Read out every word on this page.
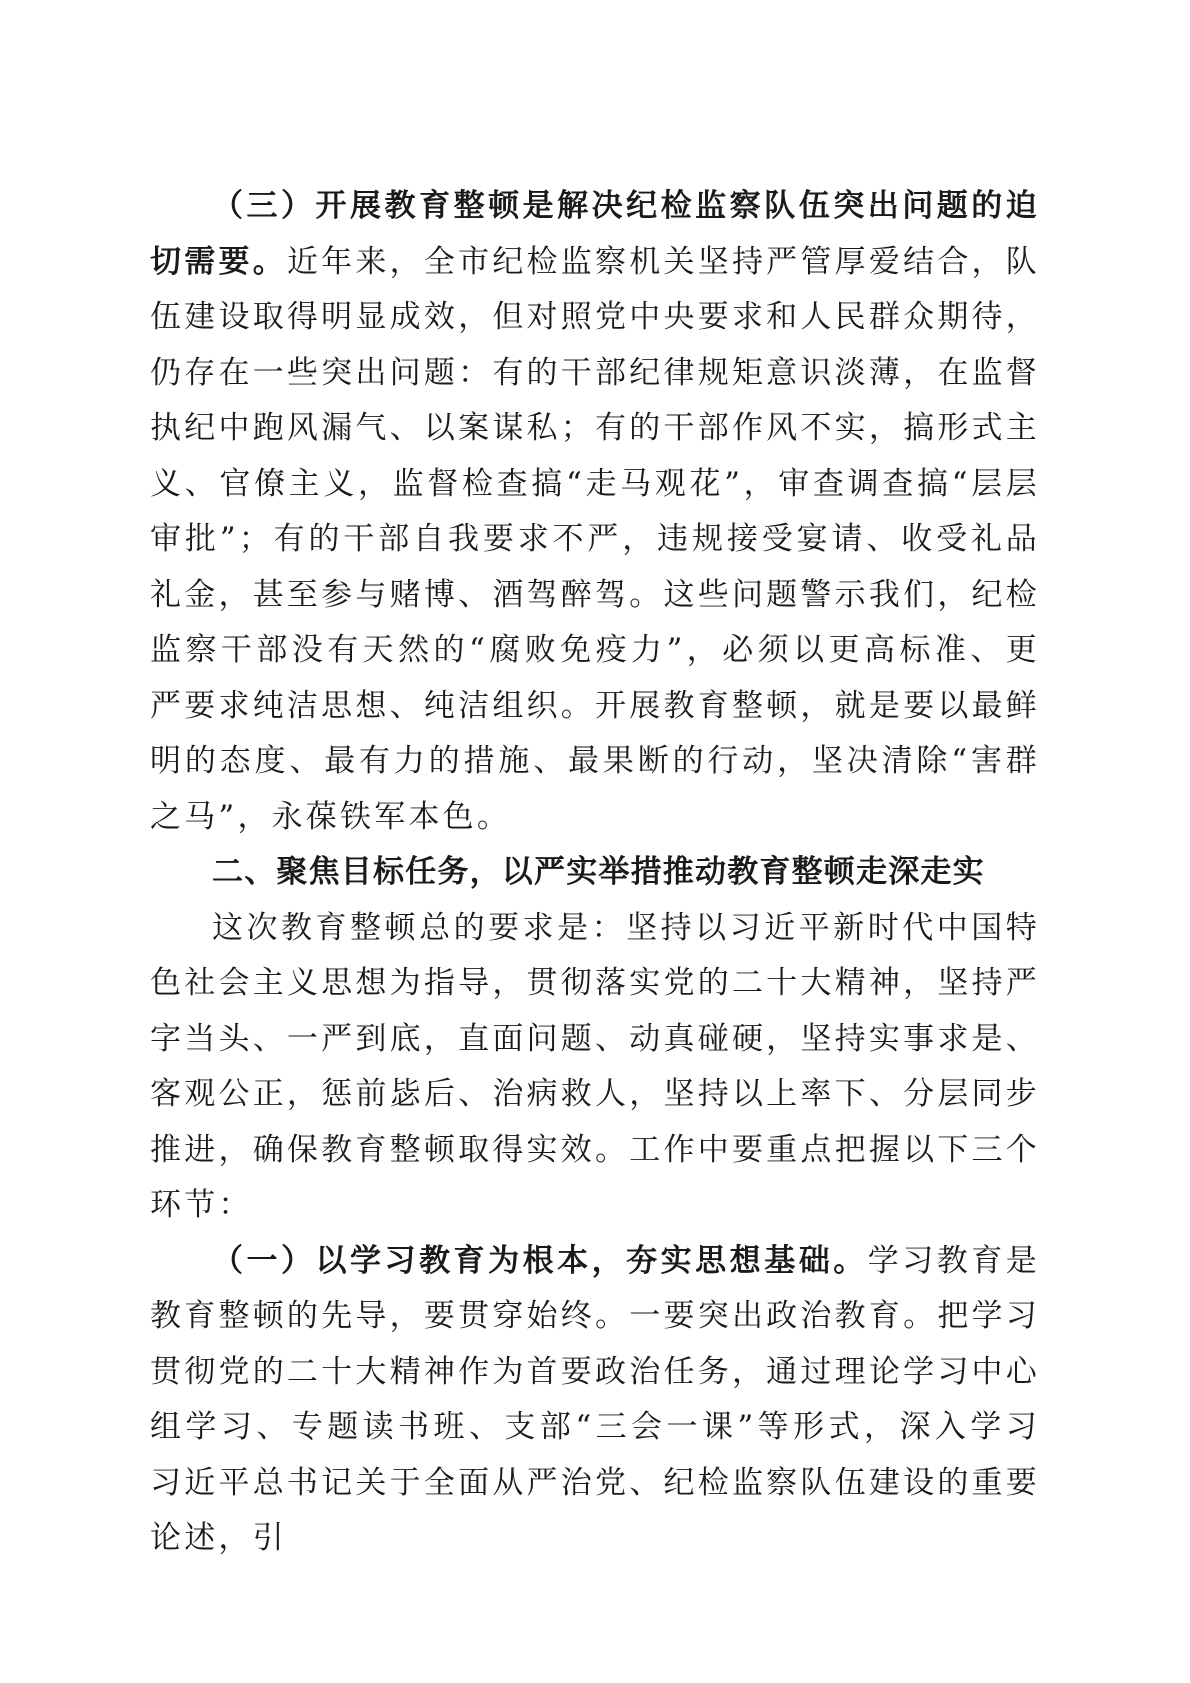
（三）开展教育整顿是解决纪检监察队伍突出问题的迫切需要。近年来，全市纪检监察机关坚持严管厚爱结合，队伍建设取得明显成效，但对照党中央要求和人民群众期待，仍存在一些突出问题：有的干部纪律规矩意识淡薄，在监督执纪中跑风漏气、以案谋私；有的干部作风不实，搞形式主义、官僚主义，监督检查搞“走马观花”，审查调查搞“层层审批”；有的干部自我要求不严，违规接受宴请、收受礼品礼金，甚至参与赌博、酒驾醉驾。这些问题警示我们，纪检监察干部没有天然的“腐败免疫力”，必须以更高标准、更严要求纯洁思想、纯洁组织。开展教育整顿，就是要以最鲜明的态度、最有力的措施、最果断的行动，坚决清除“害群之马”，永葆铁军本色。

二、聚焦目标任务，以严实举措推动教育整顿走深走实

这次教育整顿总的要求是：坚持以习近平新时代中国特色社会主义思想为指导，贯彻落实党的二十大精神，坚持严字当头、一严到底，直面问题、动真碰硬，坚持实事求是、客观公正，惩前毖后、治病救人，坚持以上率下、分层同步推进，确保教育整顿取得实效。工作中要重点把握以下三个环节：

（一）以学习教育为根本，夯实思想基础。学习教育是教育整顿的先导，要贯穿始终。一要突出政治教育。把学习贯彻党的二十大精神作为首要政治任务，通过理论学习中心组学习、专题读书班、支部“三会一课”等形式，深入学习习近平总书记关于全面从严治党、纪检监察队伍建设的重要论述，引
